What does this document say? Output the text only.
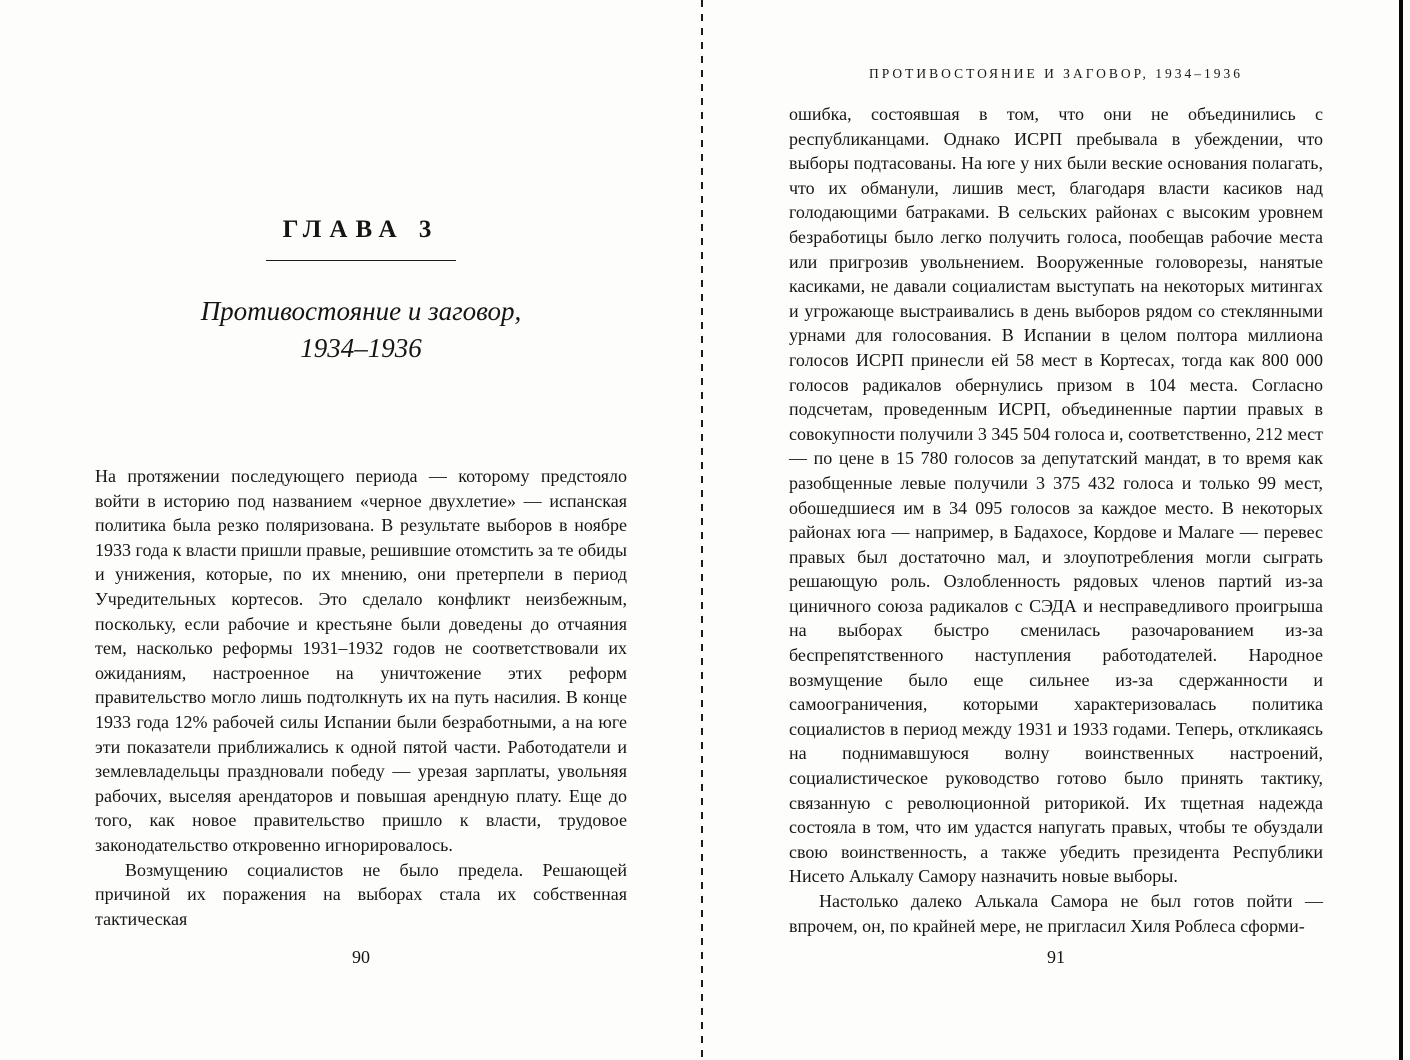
ГЛАВА 3
Противостояние и заговор,
1934–1936

На протяжении последующего периода — которому предстояло войти в историю под названием «черное двухлетие» — испанская политика была резко поляризована. В результате выборов в ноябре 1933 года к власти пришли правые, решившие отомстить за те обиды и унижения, которые, по их мнению, они претерпели в период Учредительных кортесов. Это сделало конфликт неизбежным, поскольку, если рабочие и крестьяне были доведены до отчаяния тем, насколько реформы 1931–1932 годов не соответствовали их ожиданиям, настроенное на уничтожение этих реформ правительство могло лишь подтолкнуть их на путь насилия. В конце 1933 года 12% рабочей силы Испании были безработными, а на юге эти показатели приближались к одной пятой части. Работодатели и землевладельцы праздновали победу — урезая зарплаты, увольняя рабочих, выселяя арендаторов и повышая арендную плату. Еще до того, как новое правительство пришло к власти, трудовое законодательство откровенно игнорировалось.

Возмущению социалистов не было предела. Решающей причиной их поражения на выборах стала их собственная тактическая

90
ПРОТИВОСТОЯНИЕ И ЗАГОВОР, 1934–1936

ошибка, состоявшая в том, что они не объединились с республиканцами. Однако ИСРП пребывала в убеждении, что выборы подтасованы. На юге у них были веские основания полагать, что их обманули, лишив мест, благодаря власти касиков над голодающими батраками. В сельских районах с высоким уровнем безработицы было легко получить голоса, пообещав рабочие места или пригрозив увольнением. Вооруженные головорезы, нанятые касиками, не давали социалистам выступать на некоторых митингах и угрожающе выстраивались в день выборов рядом со стеклянными урнами для голосования. В Испании в целом полтора миллиона голосов ИСРП принесли ей 58 мест в Кортесах, тогда как 800 000 голосов радикалов обернулись призом в 104 места. Согласно подсчетам, проведенным ИСРП, объединенные партии правых в совокупности получили 3 345 504 голоса и, соответственно, 212 мест — по цене в 15 780 голосов за депутатский мандат, в то время как разобщенные левые получили 3 375 432 голоса и только 99 мест, обошедшиеся им в 34 095 голосов за каждое место. В некоторых районах юга — например, в Бадахосе, Кордове и Малаге — перевес правых был достаточно мал, и злоупотребления могли сыграть решающую роль. Озлобленность рядовых членов партий из-за циничного союза радикалов с СЭДА и несправедливого проигрыша на выборах быстро сменилась разочарованием из-за беспрепятственного наступления работодателей. Народное возмущение было еще сильнее из-за сдержанности и самоограничения, которыми характеризовалась политика социалистов в период между 1931 и 1933 годами. Теперь, откликаясь на поднимавшуюся волну воинственных настроений, социалистическое руководство готово было принять тактику, связанную с революционной риторикой. Их тщетная надежда состояла в том, что им удастся напугать правых, чтобы те обуздали свою воинственность, а также убедить президента Республики Нисето Алькалу Самору назначить новые выборы.

Настолько далеко Алькала Самора не был готов пойти — впрочем, он, по крайней мере, не пригласил Хиля Роблеса сформи-

91
